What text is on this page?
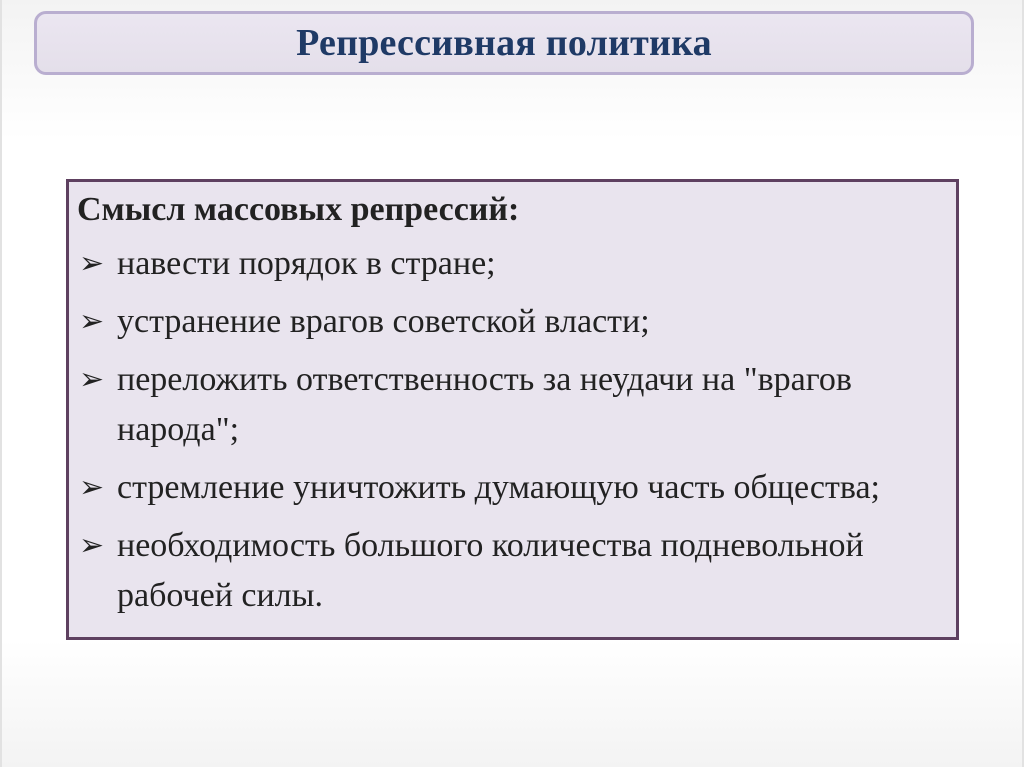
Репрессивная политика
Смысл массовых репрессий:
➢ навести порядок в стране;
➢ устранение врагов советской власти;
➢ переложить ответственность за неудачи на "врагов народа";
➢ стремление уничтожить думающую часть общества;
➢ необходимость большого количества подневольной рабочей силы.
